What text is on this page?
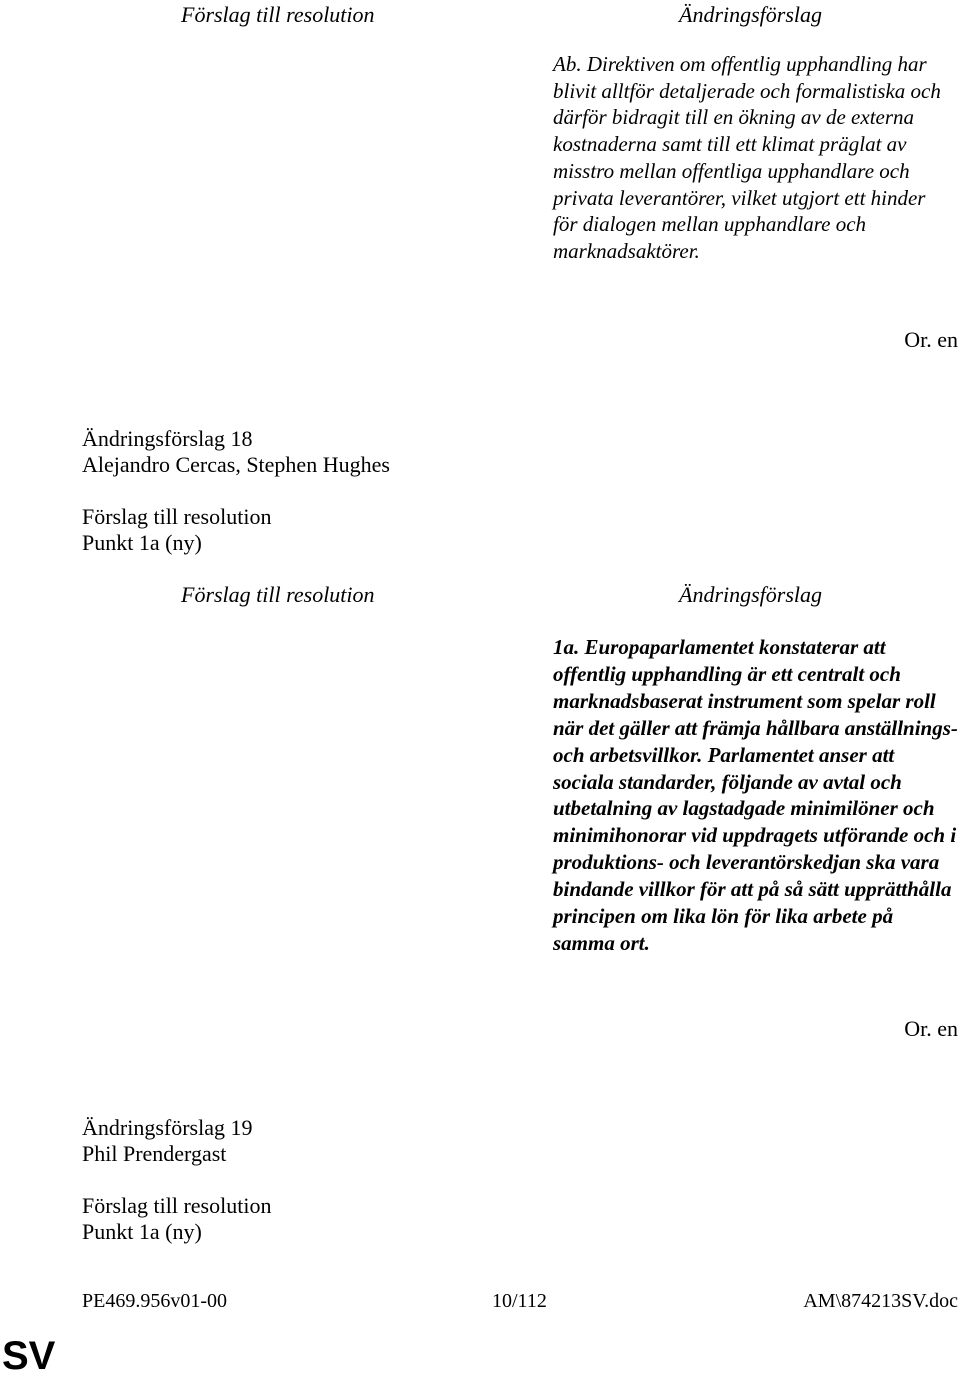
Förslag till resolution	Ändringsförslag
Ab. Direktiven om offentlig upphandling har blivit alltför detaljerade och formalistiska och därför bidragit till en ökning av de externa kostnaderna samt till ett klimat präglat av misstro mellan offentliga upphandlare och privata leverantörer, vilket utgjort ett hinder för dialogen mellan upphandlare och marknadsaktörer.
Or. en
Ändringsförslag 18
Alejandro Cercas, Stephen Hughes
Förslag till resolution
Punkt 1a (ny)
Förslag till resolution	Ändringsförslag
1a. Europaparlamentet konstaterar att offentlig upphandling är ett centralt och marknadsbaserat instrument som spelar roll när det gäller att främja hållbara anställnings- och arbetsvillkor. Parlamentet anser att sociala standarder, följande av avtal och utbetalning av lagstadgade minimilöner och minimihonorar vid uppdragets utförande och i produktions- och leverantörskedjan ska vara bindande villkor för att på så sätt upprätthålla principen om lika lön för lika arbete på samma ort.
Or. en
Ändringsförslag 19
Phil Prendergast
Förslag till resolution
Punkt 1a (ny)
PE469.956v01-00	10/112	AM\874213SV.doc
SV
